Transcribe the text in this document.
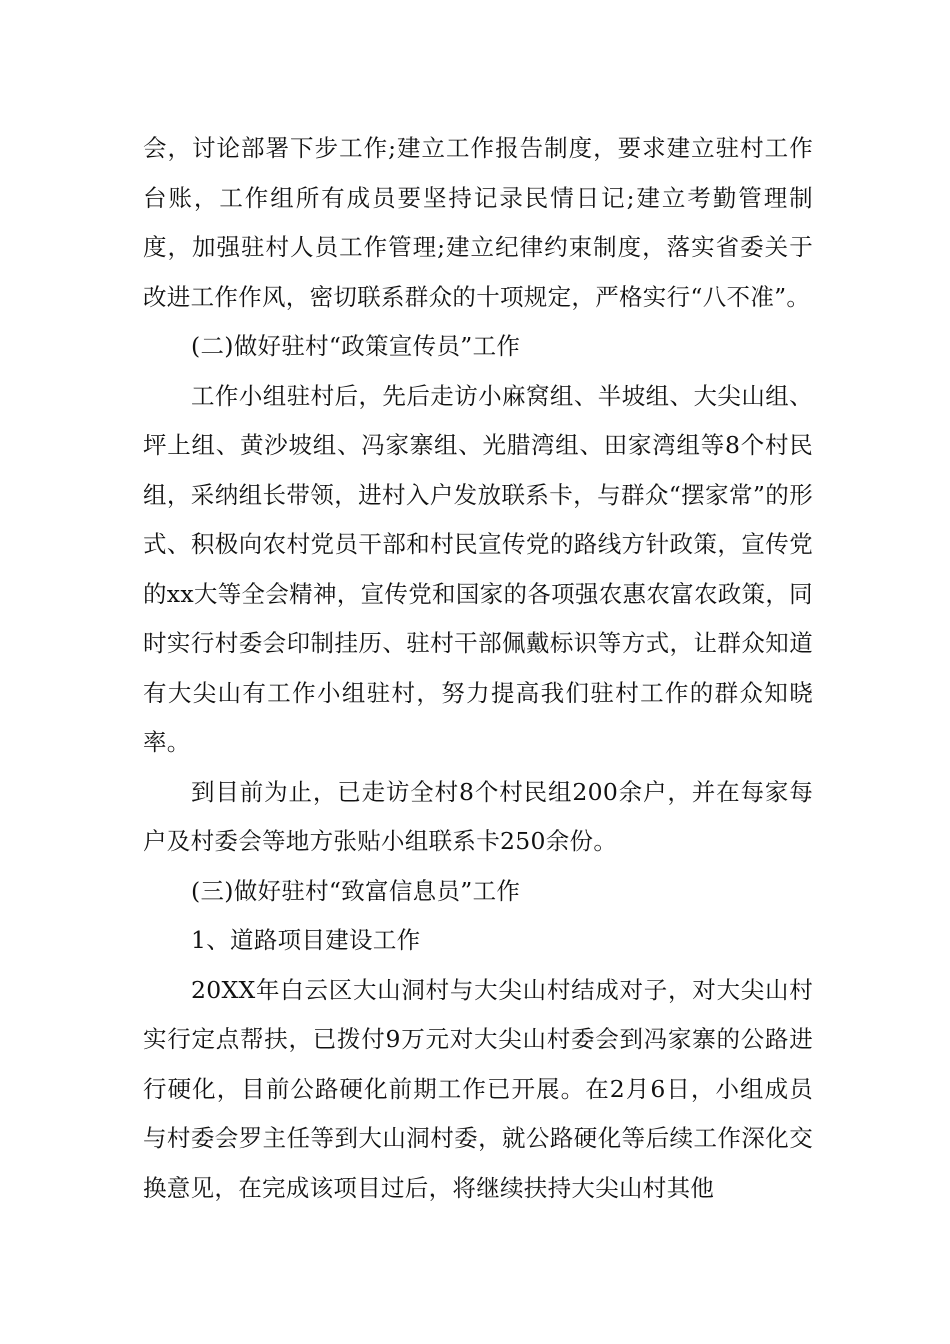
会，讨论部署下步工作;建立工作报告制度，要求建立驻村工作台账，工作组所有成员要坚持记录民情日记;建立考勤管理制度，加强驻村人员工作管理;建立纪律约束制度，落实省委关于改进工作作风，密切联系群众的十项规定，严格实行“八不准”。

(二)做好驻村“政策宣传员”工作

工作小组驻村后，先后走访小麻窝组、半坡组、大尖山组、坪上组、黄沙坡组、冯家寨组、光腊湾组、田家湾组等8个村民组，采纳组长带领，进村入户发放联系卡，与群众“摆家常”的形式、积极向农村党员干部和村民宣传党的路线方针政策，宣传党的xx大等全会精神，宣传党和国家的各项强农惠农富农政策，同时实行村委会印制挂历、驻村干部佩戴标识等方式，让群众知道有大尖山有工作小组驻村，努力提高我们驻村工作的群众知晓率。

到目前为止，已走访全村8个村民组200余户，并在每家每户及村委会等地方张贴小组联系卡250余份。

(三)做好驻村“致富信息员”工作

1、道路项目建设工作

20XX年白云区大山洞村与大尖山村结成对子，对大尖山村实行定点帮扶，已拨付9万元对大尖山村委会到冯家寨的公路进行硬化，目前公路硬化前期工作已开展。在2月6日，小组成员与村委会罗主任等到大山洞村委，就公路硬化等后续工作深化交换意见，在完成该项目过后，将继续扶持大尖山村其他
